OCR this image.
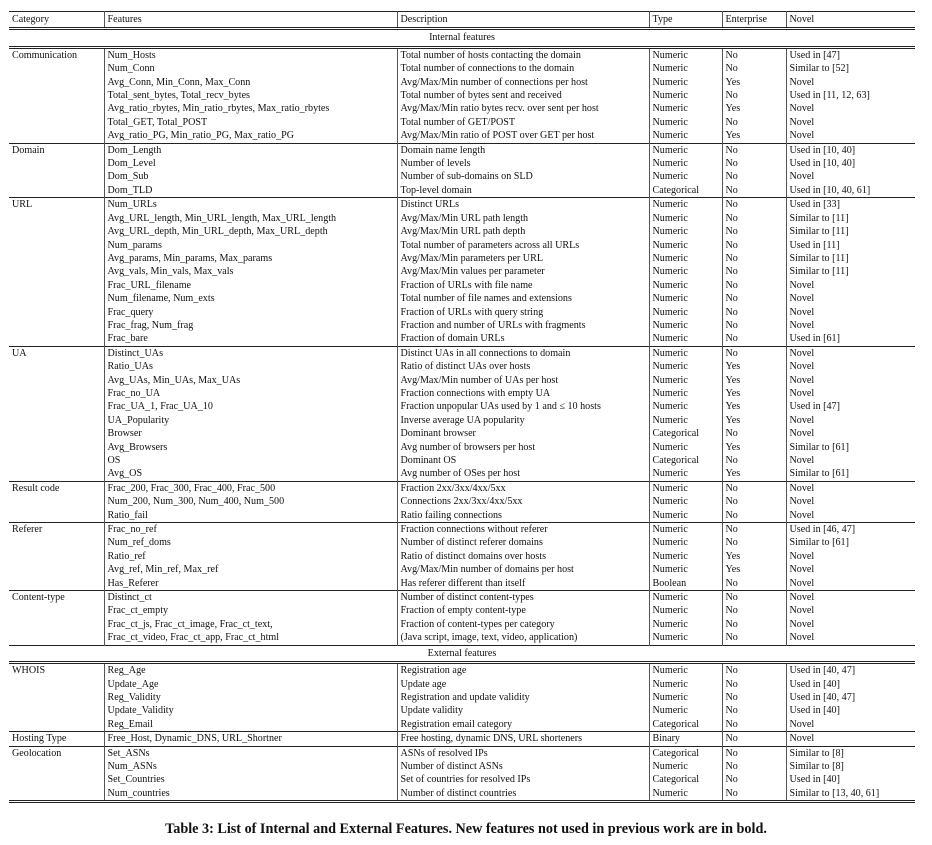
Category	Features	Description	Type	Enterprise	Novel
Internal features					
Communication	Num_Hosts	Total number of hosts contacting the domain	Numeric	No	Used in [47]
	Num_Conn	Total number of connections to the domain	Numeric	No	Similar to [52]
	Avg_Conn, Min_Conn, Max_Conn	Avg/Max/Min number of connections per host	Numeric	Yes	Novel
	Total_sent_bytes, Total_recv_bytes	Total number of bytes sent and received	Numeric	No	Used in [11, 12, 63]
	Avg_ratio_rbytes, Min_ratio_rbytes, Max_ratio_rbytes	Avg/Max/Min ratio bytes recv. over sent per host	Numeric	Yes	Novel
	Total_GET, Total_POST	Total number of GET/POST	Numeric	No	Novel
	Avg_ratio_PG, Min_ratio_PG, Max_ratio_PG	Avg/Max/Min ratio of POST over GET per host	Numeric	Yes	Novel
Domain	Dom_Length	Domain name length	Numeric	No	Used in [10, 40]
	Dom_Level	Number of levels	Numeric	No	Used in [10, 40]
	Dom_Sub	Number of sub-domains on SLD	Numeric	No	Novel
	Dom_TLD	Top-level domain	Categorical	No	Used in [10, 40, 61]
URL	Num_URLs	Distinct URLs	Numeric	No	Used in [33]
	Avg_URL_length, Min_URL_length, Max_URL_length	Avg/Max/Min URL path length	Numeric	No	Similar to [11]
	Avg_URL_depth, Min_URL_depth, Max_URL_depth	Avg/Max/Min URL path depth	Numeric	No	Similar to [11]
	Num_params	Total number of parameters across all URLs	Numeric	No	Used in [11]
	Avg_params, Min_params, Max_params	Avg/Max/Min parameters per URL	Numeric	No	Similar to [11]
	Avg_vals, Min_vals, Max_vals	Avg/Max/Min values per parameter	Numeric	No	Similar to [11]
	Frac_URL_filename	Fraction of URLs with file name	Numeric	No	Novel
	Num_filename, Num_exts	Total number of file names and extensions	Numeric	No	Novel
	Frac_query	Fraction of URLs with query string	Numeric	No	Novel
	Frac_frag, Num_frag	Fraction and number of URLs with fragments	Numeric	No	Novel
	Frac_bare	Fraction of domain URLs	Numeric	No	Used in [61]
UA	Distinct_UAs	Distinct UAs in all connections to domain	Numeric	No	Novel
	Ratio_UAs	Ratio of distinct UAs over hosts	Numeric	Yes	Novel
	Avg_UAs, Min_UAs, Max_UAs	Avg/Max/Min number of UAs per host	Numeric	Yes	Novel
	Frac_no_UA	Fraction connections with empty UA	Numeric	Yes	Novel
	Frac_UA_1, Frac_UA_10	Fraction unpopular UAs used by 1 and ≤ 10 hosts	Numeric	Yes	Used in [47]
	UA_Popularity	Inverse average UA popularity	Numeric	Yes	Novel
	Browser	Dominant browser	Categorical	No	Novel
	Avg_Browsers	Avg number of browsers per host	Numeric	Yes	Similar to [61]
	OS	Dominant OS	Categorical	No	Novel
	Avg_OS	Avg number of OSes per host	Numeric	Yes	Similar to [61]
Result code	Frac_200, Frac_300, Frac_400, Frac_500	Fraction 2xx/3xx/4xx/5xx	Numeric	No	Novel
	Num_200, Num_300, Num_400, Num_500	Connections 2xx/3xx/4xx/5xx	Numeric	No	Novel
	Ratio_fail	Ratio failing connections	Numeric	No	Novel
Referer	Frac_no_ref	Fraction connections without referer	Numeric	No	Used in [46, 47]
	Num_ref_doms	Number of distinct referer domains	Numeric	No	Similar to [61]
	Ratio_ref	Ratio of distinct domains over hosts	Numeric	Yes	Novel
	Avg_ref, Min_ref, Max_ref	Avg/Max/Min number of domains per host	Numeric	Yes	Novel
	Has_Referer	Has referer different than itself	Boolean	No	Novel
Content-type	Distinct_ct	Number of distinct content-types	Numeric	No	Novel
	Frac_ct_empty	Fraction of empty content-type	Numeric	No	Novel
	Frac_ct_js, Frac_ct_image, Frac_ct_text,	Fraction of content-types per category	Numeric	No	Novel
	Frac_ct_video, Frac_ct_app, Frac_ct_html	(Java script, image, text, video, application)	Numeric	No	Novel
External features					
WHOIS	Reg_Age	Registration age	Numeric	No	Used in [40, 47]
	Update_Age	Update age	Numeric	No	Used in [40]
	Reg_Validity	Registration and update validity	Numeric	No	Used in [40, 47]
	Update_Validity	Update validity	Numeric	No	Used in [40]
	Reg_Email	Registration email category	Categorical	No	Novel
Hosting Type	Free_Host, Dynamic_DNS, URL_Shortner	Free hosting, dynamic DNS, URL shorteners	Binary	No	Novel
Geolocation	Set_ASNs	ASNs of resolved IPs	Categorical	No	Similar to [8]
	Num_ASNs	Number of distinct ASNs	Numeric	No	Similar to [8]
	Set_Countries	Set of countries for resolved IPs	Categorical	No	Used in [40]
	Num_countries	Number of distinct countries	Numeric	No	Similar to [13, 40, 61]
Table 3: List of Internal and External Features. New features not used in previous work are in bold.
